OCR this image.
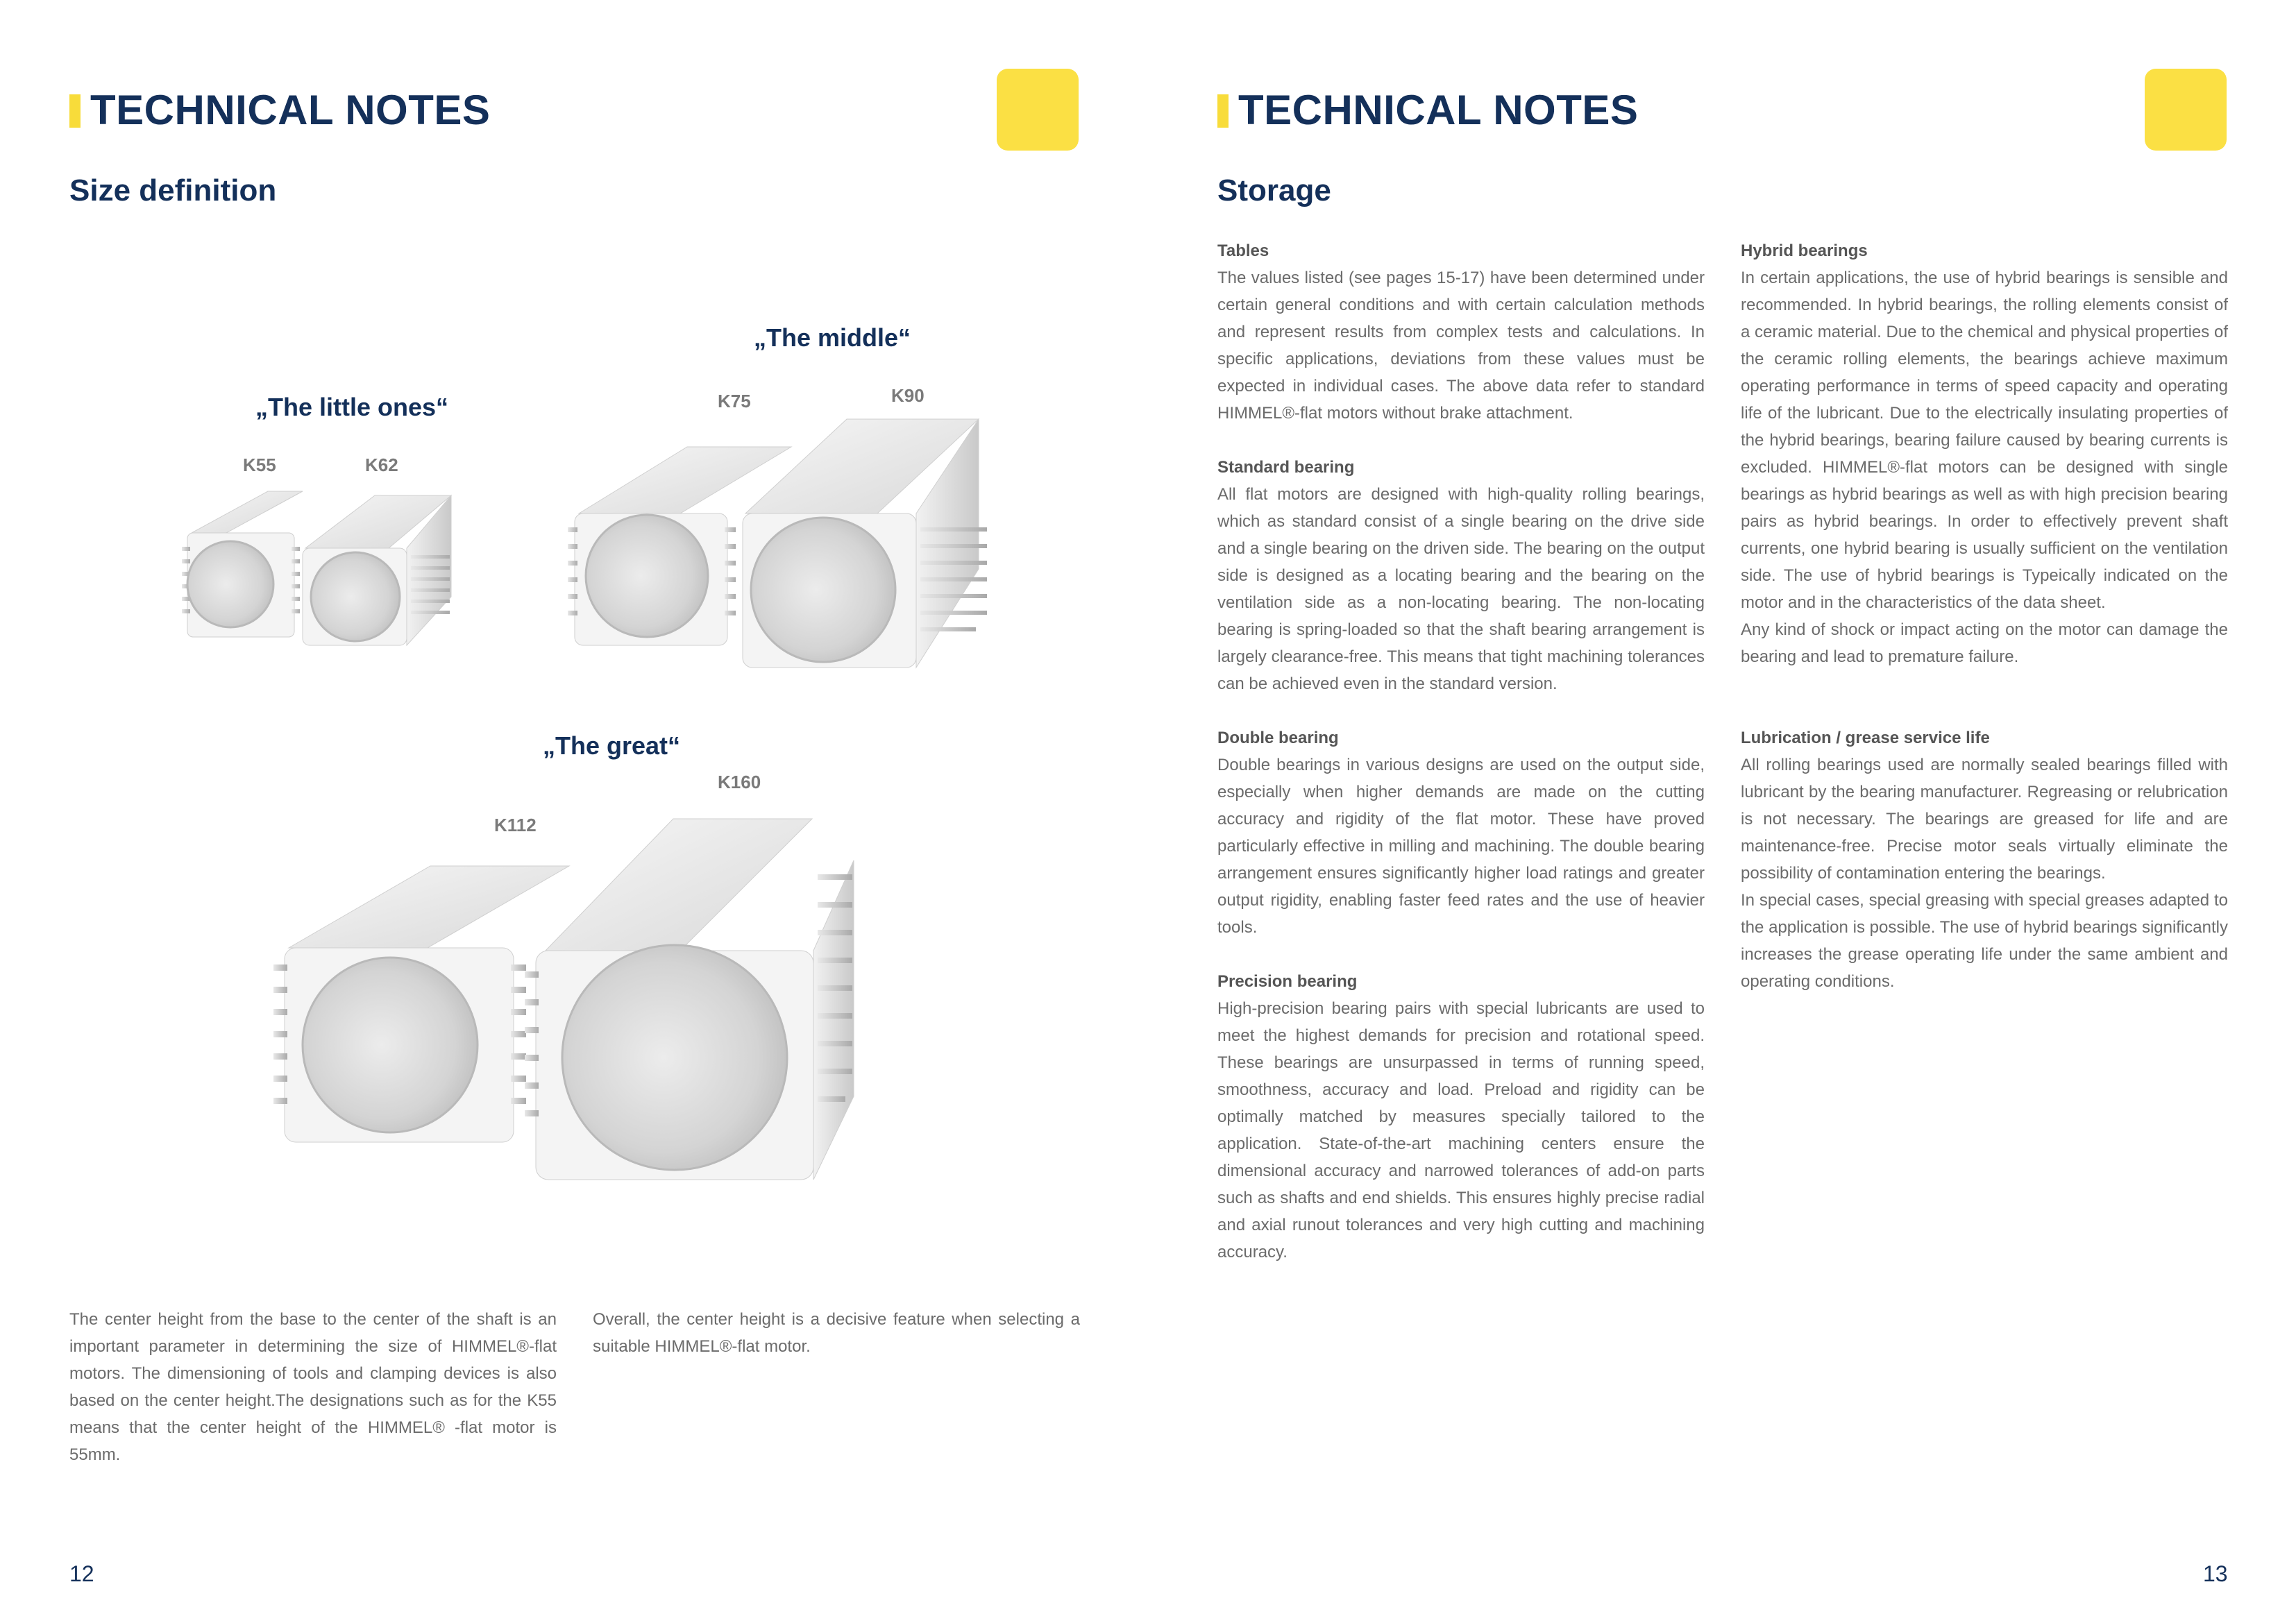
TECHNICAL NOTES
Size definition
„The little ones“
K55	K62
„The middle“
K75	K90
„The great“
K160
K112
The center height from the base to the center of the shaft is an important parameter in determining the size of HIMMEL®-flat motors. The dimensioning of tools and clamping devices is also based on the center height.The designations such as for the K55 means that the center height of the HIMMEL® -flat motor is 55mm.
Overall, the center height is a decisive feature when selecting a suitable HIMMEL®-flat motor.
12
TECHNICAL NOTES
Storage
Tables

The values listed (see pages 15-17) have been determined under certain general conditions and with certain calculation methods and represent results from complex tests and calculations. In specific applications, deviations from these values must be expected in individual cases. The above data refer to standard HIMMEL®-flat motors without brake attachment.

Standard bearing

All flat motors are designed with high-quality rolling bearings, which as standard consist of a single bearing on the drive side and a single bearing on the driven side. The bearing on the output side is designed as a locating bearing and the bearing on the ventilation side as a non-locating bearing. The non-locating bearing is spring-loaded so that the shaft bearing arrangement is largely clearance-free. This means that tight machining tolerances can be achieved even in the standard version.

Double bearing

Double bearings in various designs are used on the output side, especially when higher demands are made on the cutting accuracy and rigidity of the flat motor. These have proved particularly effective in milling and machining. The double bearing arrangement ensures significantly higher load ratings and greater output rigidity, enabling faster feed rates and the use of heavier tools.

Precision bearing

High-precision bearing pairs with special lubricants are used to meet the highest demands for precision and rotational speed. These bearings are unsurpassed in terms of running speed, smoothness, accuracy and load. Preload and rigidity can be optimally matched by measures specially tailored to the application. State-of-the-art machining centers ensure the dimensional accuracy and narrowed tolerances of add-on parts such as shafts and end shields. This ensures highly precise radial and axial runout tolerances and very high cutting and machining accuracy.

Hybrid bearings

In certain applications, the use of hybrid bearings is sensible and recommended. In hybrid bearings, the rolling elements consist of a ceramic material. Due to the chemical and physical properties of the ceramic rolling elements, the bearings achieve maximum operating performance in terms of speed capacity and operating life of the lubricant. Due to the electrically insulating properties of the hybrid bearings, bearing failure caused by bearing currents is excluded. HIMMEL®-flat motors can be designed with single bearings as hybrid bearings as well as with high precision bearing pairs as hybrid bearings. In order to effectively prevent shaft currents, one hybrid bearing is usually sufficient on the ventilation side. The use of hybrid bearings is Typeically indicated on the motor and in the characteristics of the data sheet.

Any kind of shock or impact acting on the motor can damage the bearing and lead to premature failure.

Lubrication / grease service life

All rolling bearings used are normally sealed bearings filled with lubricant by the bearing manufacturer. Regreasing or relubrication is not necessary. The bearings are greased for life and are maintenance-free. Precise motor seals virtually eliminate the possibility of contamination entering the bearings.

In special cases, special greasing with special greases adapted to the application is possible. The use of hybrid bearings significantly increases the grease operating life under the same ambient and operating conditions.

13
